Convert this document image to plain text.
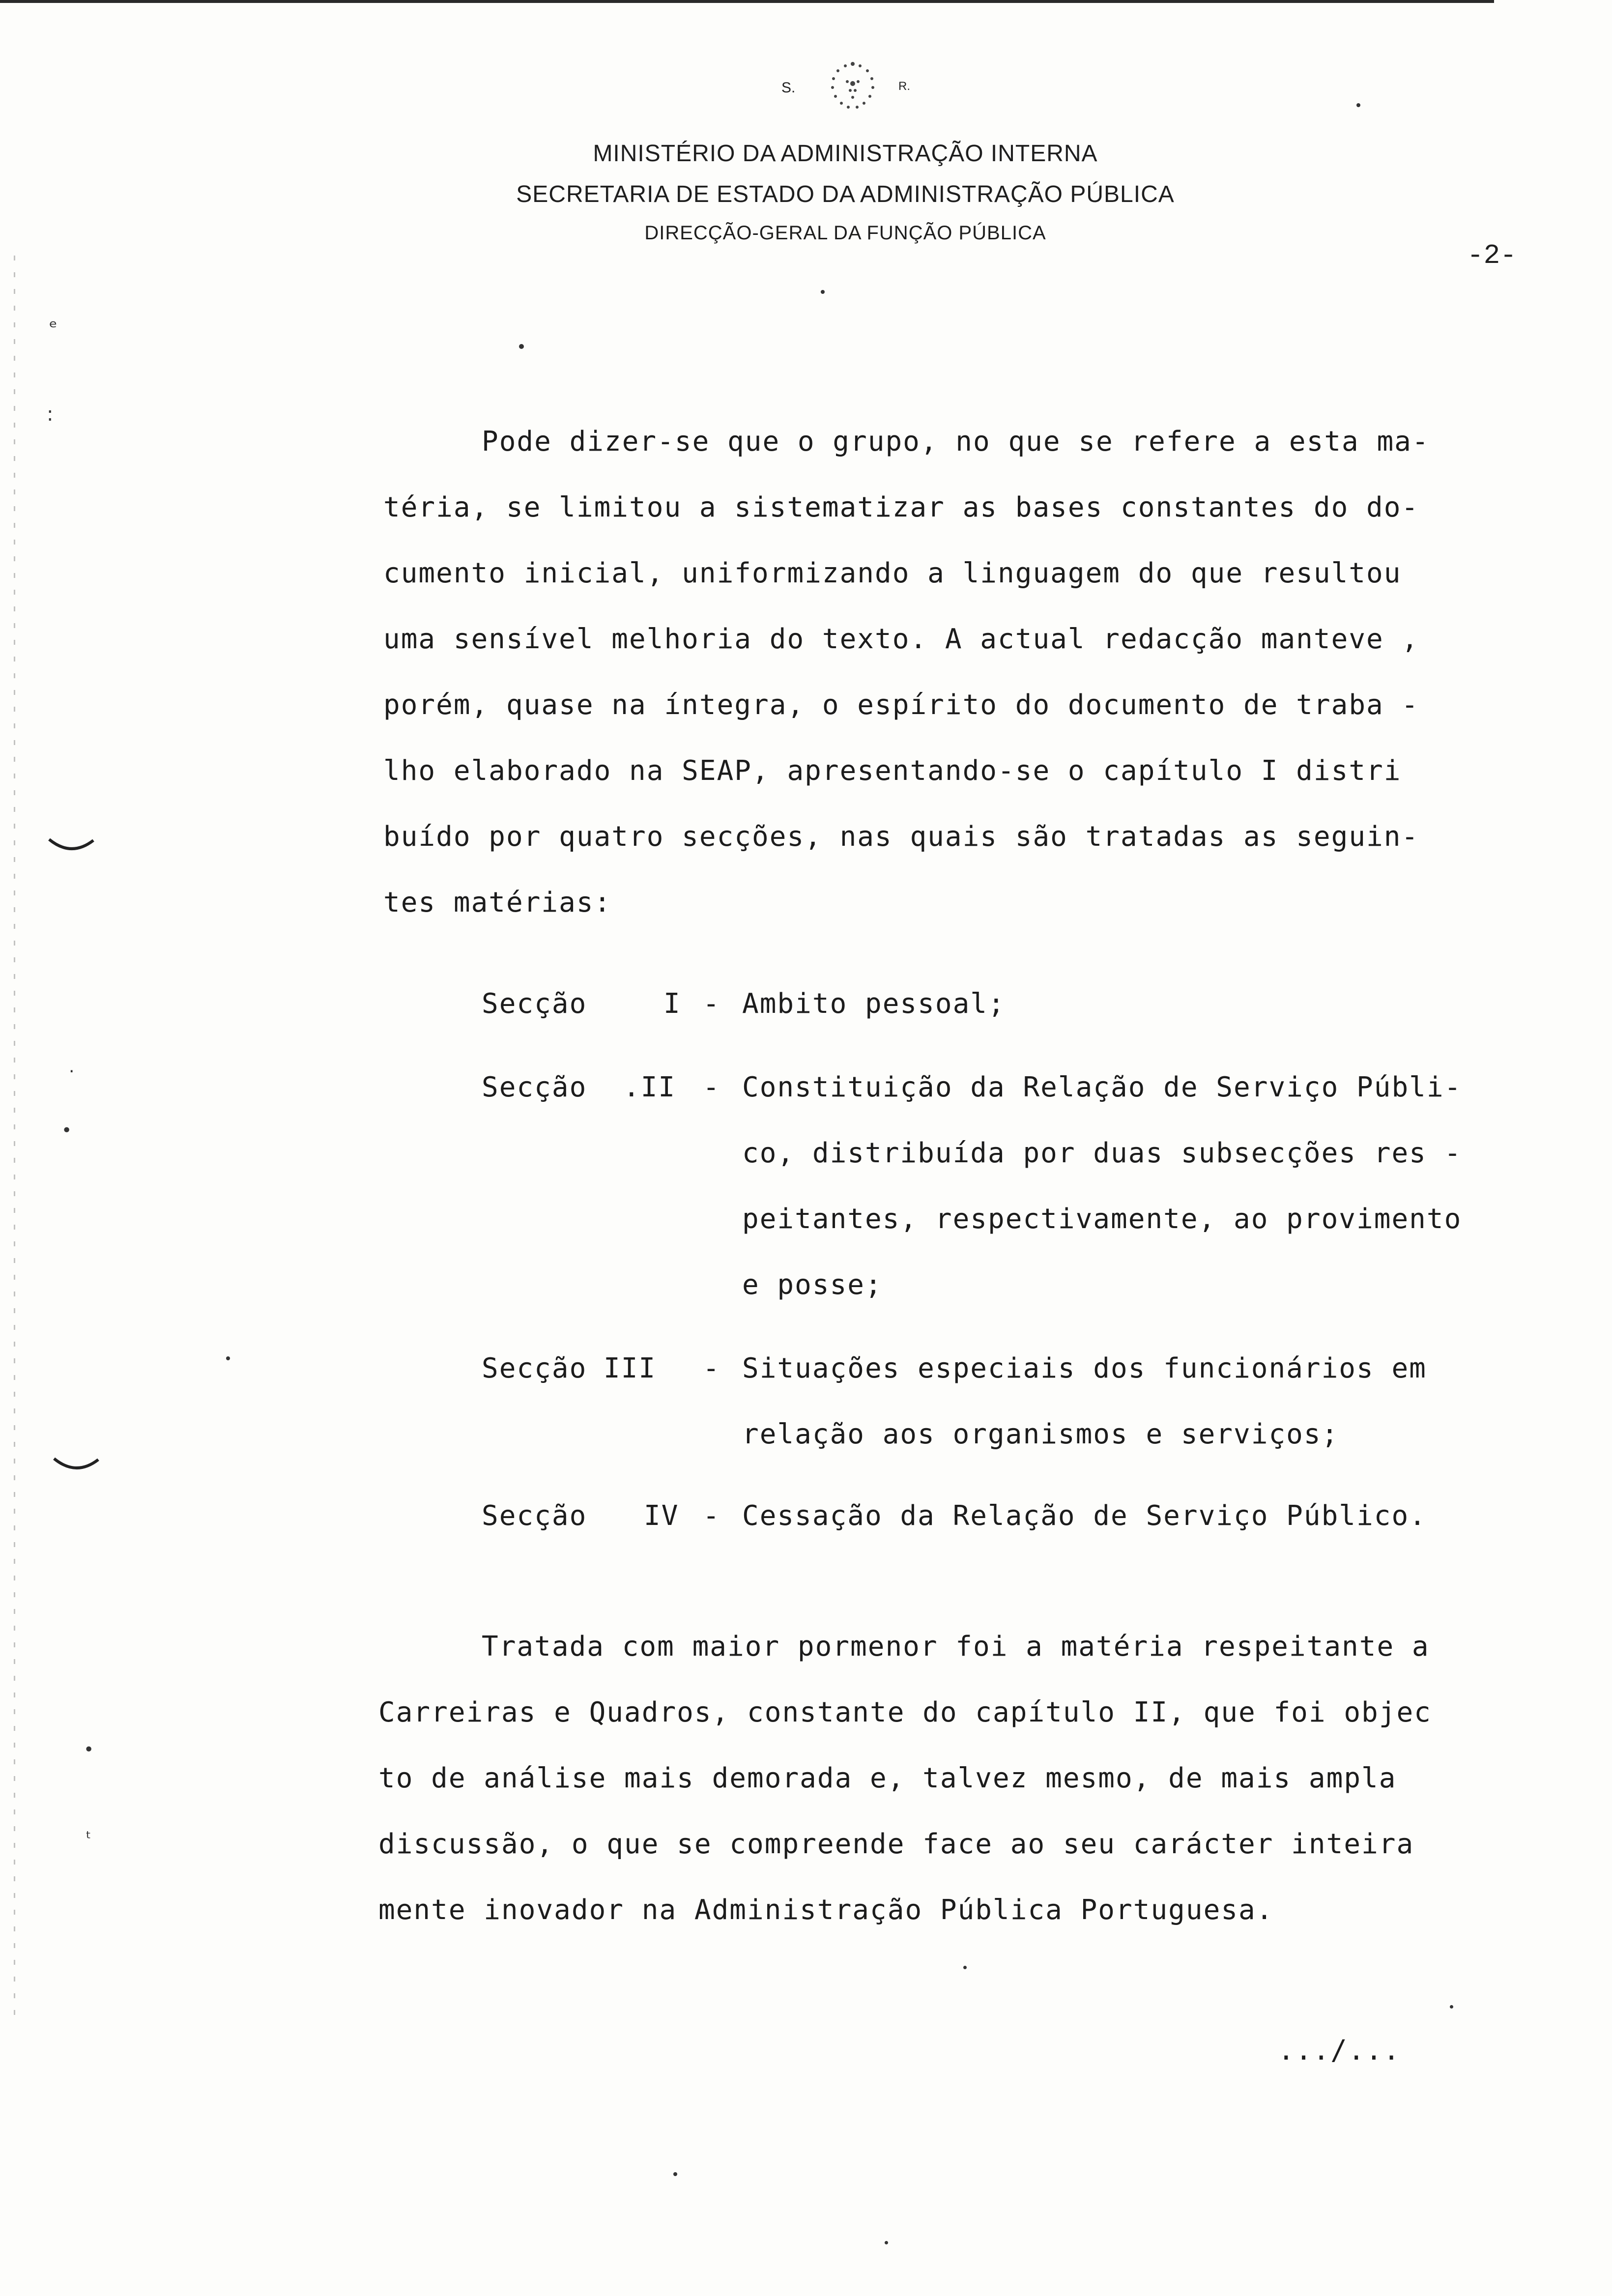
ₑ
:
·
•
•
ᵗ
S.	R.
MINISTÉRIO DA ADMINISTRAÇÃO INTERNA
SECRETARIA DE ESTADO DA ADMINISTRAÇÃO PÚBLICA
DIRECÇÃO-GERAL DA FUNÇÃO PÚBLICA
-2-
Pode dizer-se que o grupo, no que se refere a esta ma-
téria, se limitou a sistematizar as bases constantes do do-
cumento inicial, uniformizando a linguagem do que resultou
uma sensível melhoria do texto. A actual redacção manteve ,
porém, quase na íntegra, o espírito do documento de traba -
lho elaborado na SEAP, apresentando-se o capítulo I distri
buído por quatro secções, nas quais são tratadas as seguin-
tes matérias:
Secção	I - Ambito pessoal;
Secção .II - Constituição da Relação de Serviço Públi-
co, distribuída por duas subsecções res -
peitantes, respectivamente, ao provimento
e posse;
Secção III - Situações especiais dos funcionários em
relação aos organismos e serviços;
Secção IV - Cessação da Relação de Serviço Público.
Tratada com maior pormenor foi a matéria respeitante a
Carreiras e Quadros, constante do capítulo II, que foi objec
to de análise mais demorada e, talvez mesmo, de mais ampla
discussão, o que se compreende face ao seu carácter inteira
mente inovador na Administração Pública Portuguesa.
.../...
